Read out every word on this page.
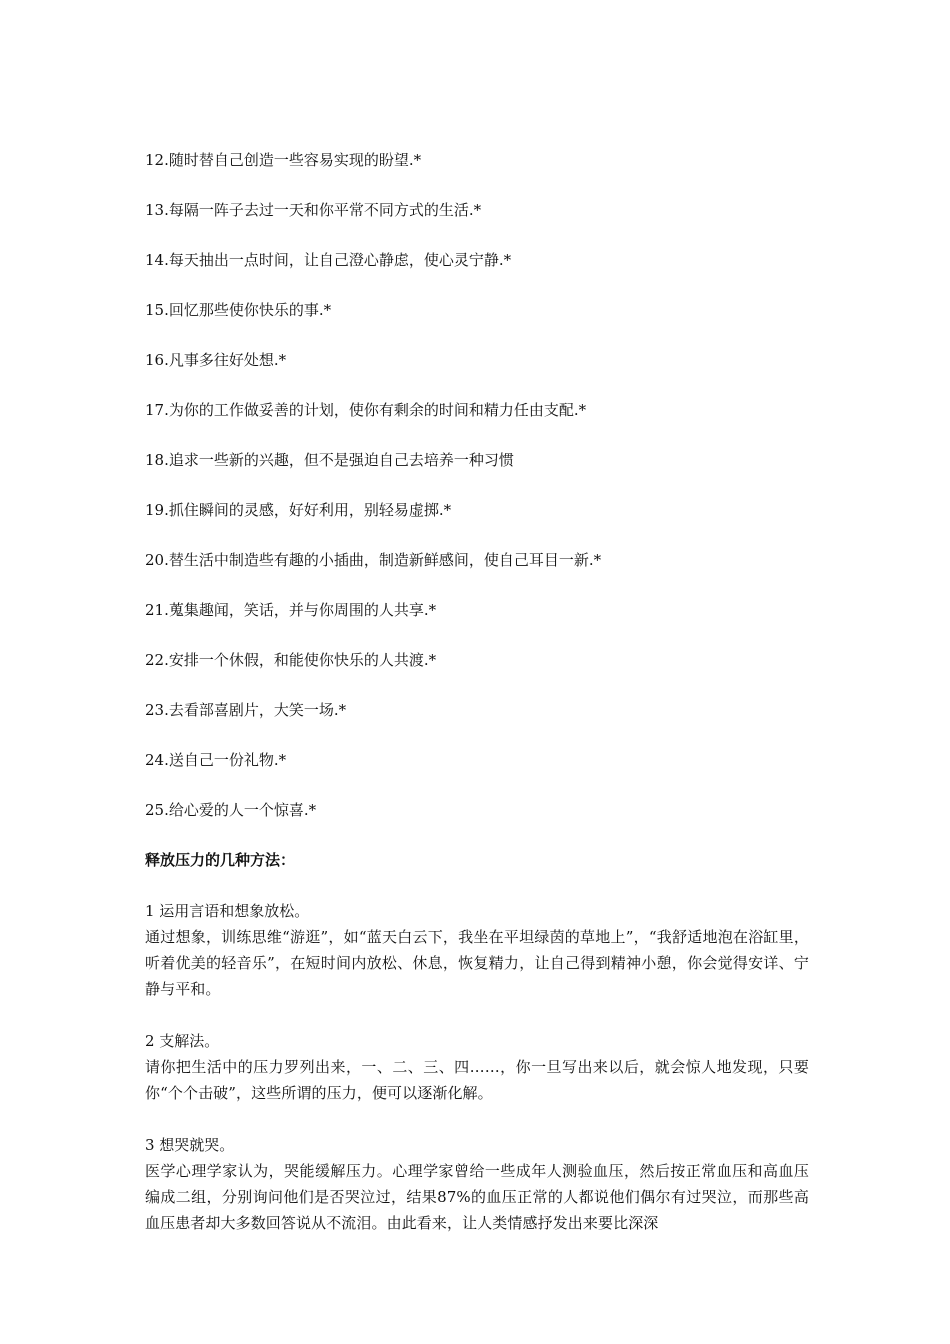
12.随时替自己创造一些容易实现的盼望.*

13.每隔一阵子去过一天和你平常不同方式的生活.*

14.每天抽出一点时间，让自己澄心静虑，使心灵宁静.*

15.回忆那些使你快乐的事.*

16.凡事多往好处想.*

17.为你的工作做妥善的计划，使你有剩余的时间和精力任由支配.*

18.追求一些新的兴趣，但不是强迫自己去培养一种习惯

19.抓住瞬间的灵感，好好利用，别轻易虚掷.*

20.替生活中制造些有趣的小插曲，制造新鲜感间，使自己耳目一新.*

21.蒐集趣闻，笑话，并与你周围的人共享.*

22.安排一个休假，和能使你快乐的人共渡.*

23.去看部喜剧片，大笑一场.*

24.送自己一份礼物.*

25.给心爱的人一个惊喜.*

释放压力的几种方法：

1 运用言语和想象放松。

通过想象，训练思维“游逛”，如“蓝天白云下，我坐在平坦绿茵的草地上”，“我舒适地泡在浴缸里，听着优美的轻音乐”，在短时间内放松、休息，恢复精力，让自己得到精神小憩，你会觉得安详、宁静与平和。

2 支解法。

请你把生活中的压力罗列出来，一、二、三、四……，你一旦写出来以后，就会惊人地发现，只要你“个个击破”，这些所谓的压力，便可以逐渐化解。

3 想哭就哭。

医学心理学家认为，哭能缓解压力。心理学家曾给一些成年人测验血压，然后按正常血压和高血压编成二组，分别询问他们是否哭泣过，结果87%的血压正常的人都说他们偶尔有过哭泣，而那些高血压患者却大多数回答说从不流泪。由此看来，让人类情感抒发出来要比深深
